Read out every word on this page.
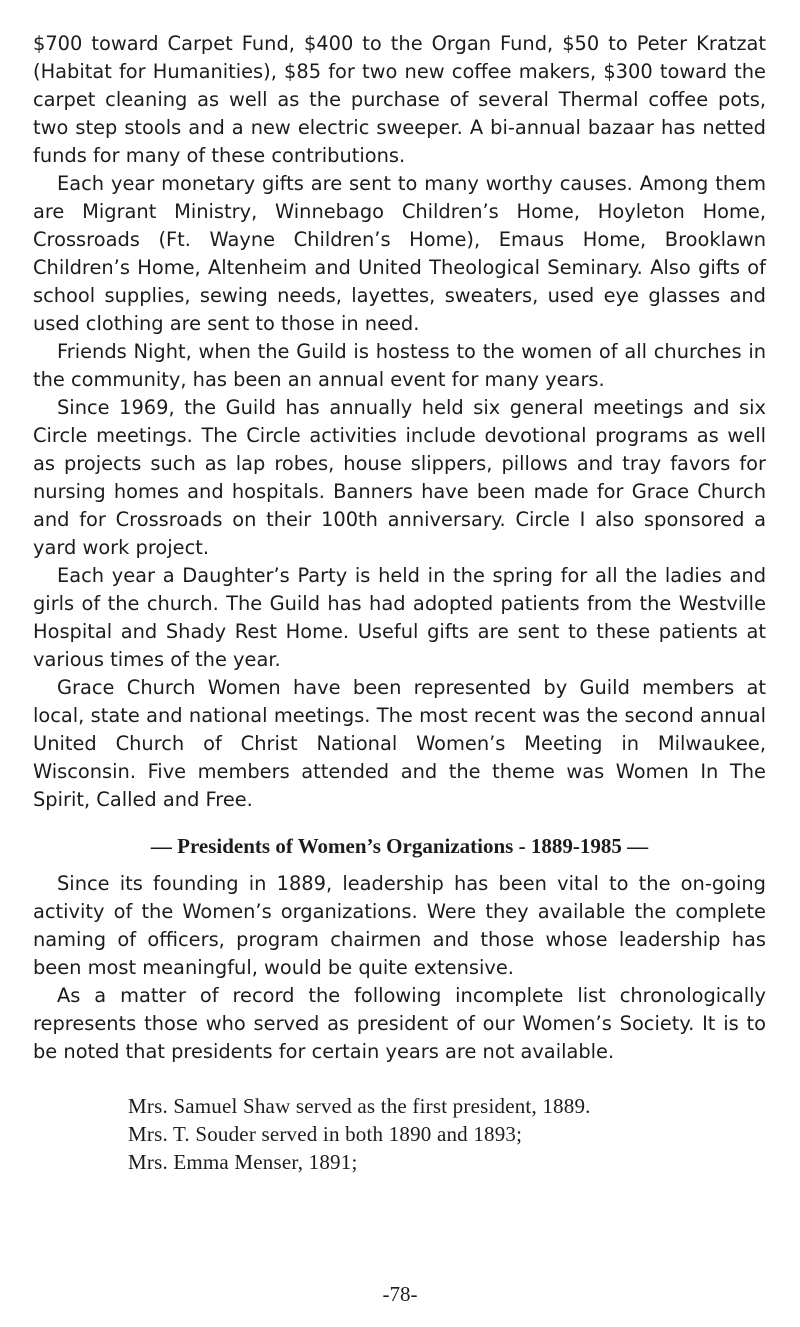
$700 toward Carpet Fund, $400 to the Organ Fund, $50 to Peter Kratzat (Habitat for Humanities), $85 for two new coffee makers, $300 toward the carpet cleaning as well as the purchase of several Thermal coffee pots, two step stools and a new electric sweeper. A bi-annual bazaar has netted funds for many of these contributions.

Each year monetary gifts are sent to many worthy causes. Among them are Migrant Ministry, Winnebago Children’s Home, Hoyleton Home, Crossroads (Ft. Wayne Children’s Home), Emaus Home, Brooklawn Children’s Home, Altenheim and United Theological Seminary. Also gifts of school supplies, sewing needs, layettes, sweaters, used eye glasses and used clothing are sent to those in need.

Friends Night, when the Guild is hostess to the women of all churches in the community, has been an annual event for many years.

Since 1969, the Guild has annually held six general meetings and six Circle meetings. The Circle activities include devotional programs as well as projects such as lap robes, house slippers, pillows and tray favors for nursing homes and hospitals. Banners have been made for Grace Church and for Crossroads on their 100th anniversary. Circle I also sponsored a yard work project.

Each year a Daughter’s Party is held in the spring for all the ladies and girls of the church. The Guild has had adopted patients from the Westville Hospital and Shady Rest Home. Useful gifts are sent to these patients at various times of the year.

Grace Church Women have been represented by Guild members at local, state and national meetings. The most recent was the second annual United Church of Christ National Women’s Meeting in Milwaukee, Wisconsin. Five members attended and the theme was Women In The Spirit, Called and Free.

— Presidents of Women’s Organizations - 1889-1985 —

Since its founding in 1889, leadership has been vital to the on-going activity of the Women’s organizations. Were they available the complete naming of officers, program chairmen and those whose leadership has been most meaningful, would be quite extensive.

As a matter of record the following incomplete list chronologically represents those who served as president of our Women’s Society. It is to be noted that presidents for certain years are not available.

Mrs. Samuel Shaw served as the first president, 1889.
Mrs. T. Souder served in both 1890 and 1893;
Mrs. Emma Menser, 1891;
-78-
